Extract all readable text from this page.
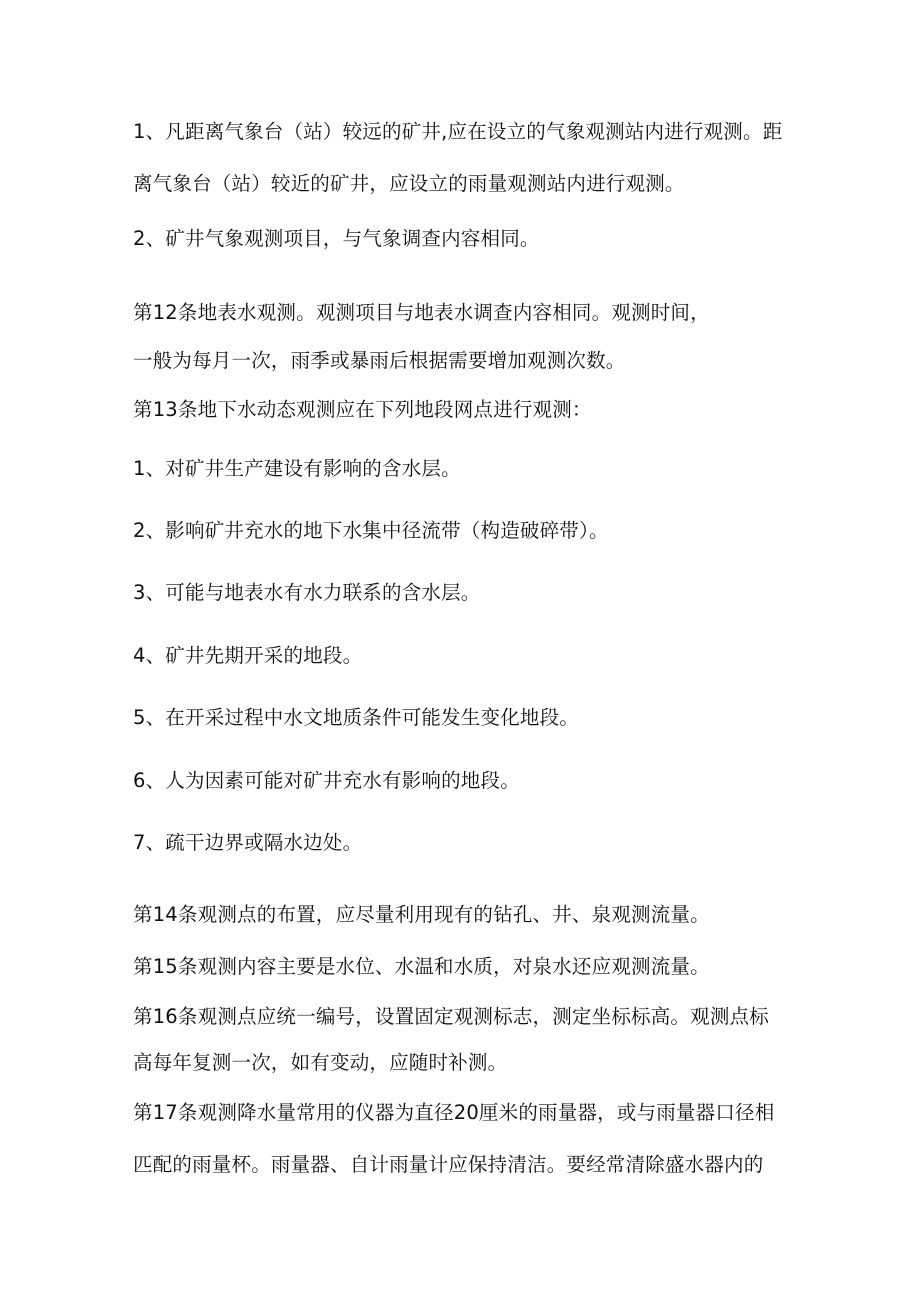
1、凡距离气象台（站）较远的矿井,应在设立的气象观测站内进行观测。距
离气象台（站）较近的矿井，应设立的雨量观测站内进行观测。
2、矿井气象观测项目，与气象调查内容相同。
第12条地表水观测。观测项目与地表水调查内容相同。观测时间，
一般为每月一次，雨季或暴雨后根据需要增加观测次数。
第13条地下水动态观测应在下列地段网点进行观测：
1、对矿井生产建设有影响的含水层。
2、影响矿井充水的地下水集中径流带（构造破碎带）。
3、可能与地表水有水力联系的含水层。
4、矿井先期开采的地段。
5、在开采过程中水文地质条件可能发生变化地段。
6、人为因素可能对矿井充水有影响的地段。
7、疏干边界或隔水边处。
第14条观测点的布置，应尽量利用现有的钻孔、井、泉观测流量。
第15条观测内容主要是水位、水温和水质，对泉水还应观测流量。
第16条观测点应统一编号，设置固定观测标志，测定坐标标高。观测点标
高每年复测一次，如有变动，应随时补测。
第17条观测降水量常用的仪器为直径20厘米的雨量器，或与雨量器口径相
匹配的雨量杯。雨量器、自计雨量计应保持清洁。要经常清除盛水器内的
